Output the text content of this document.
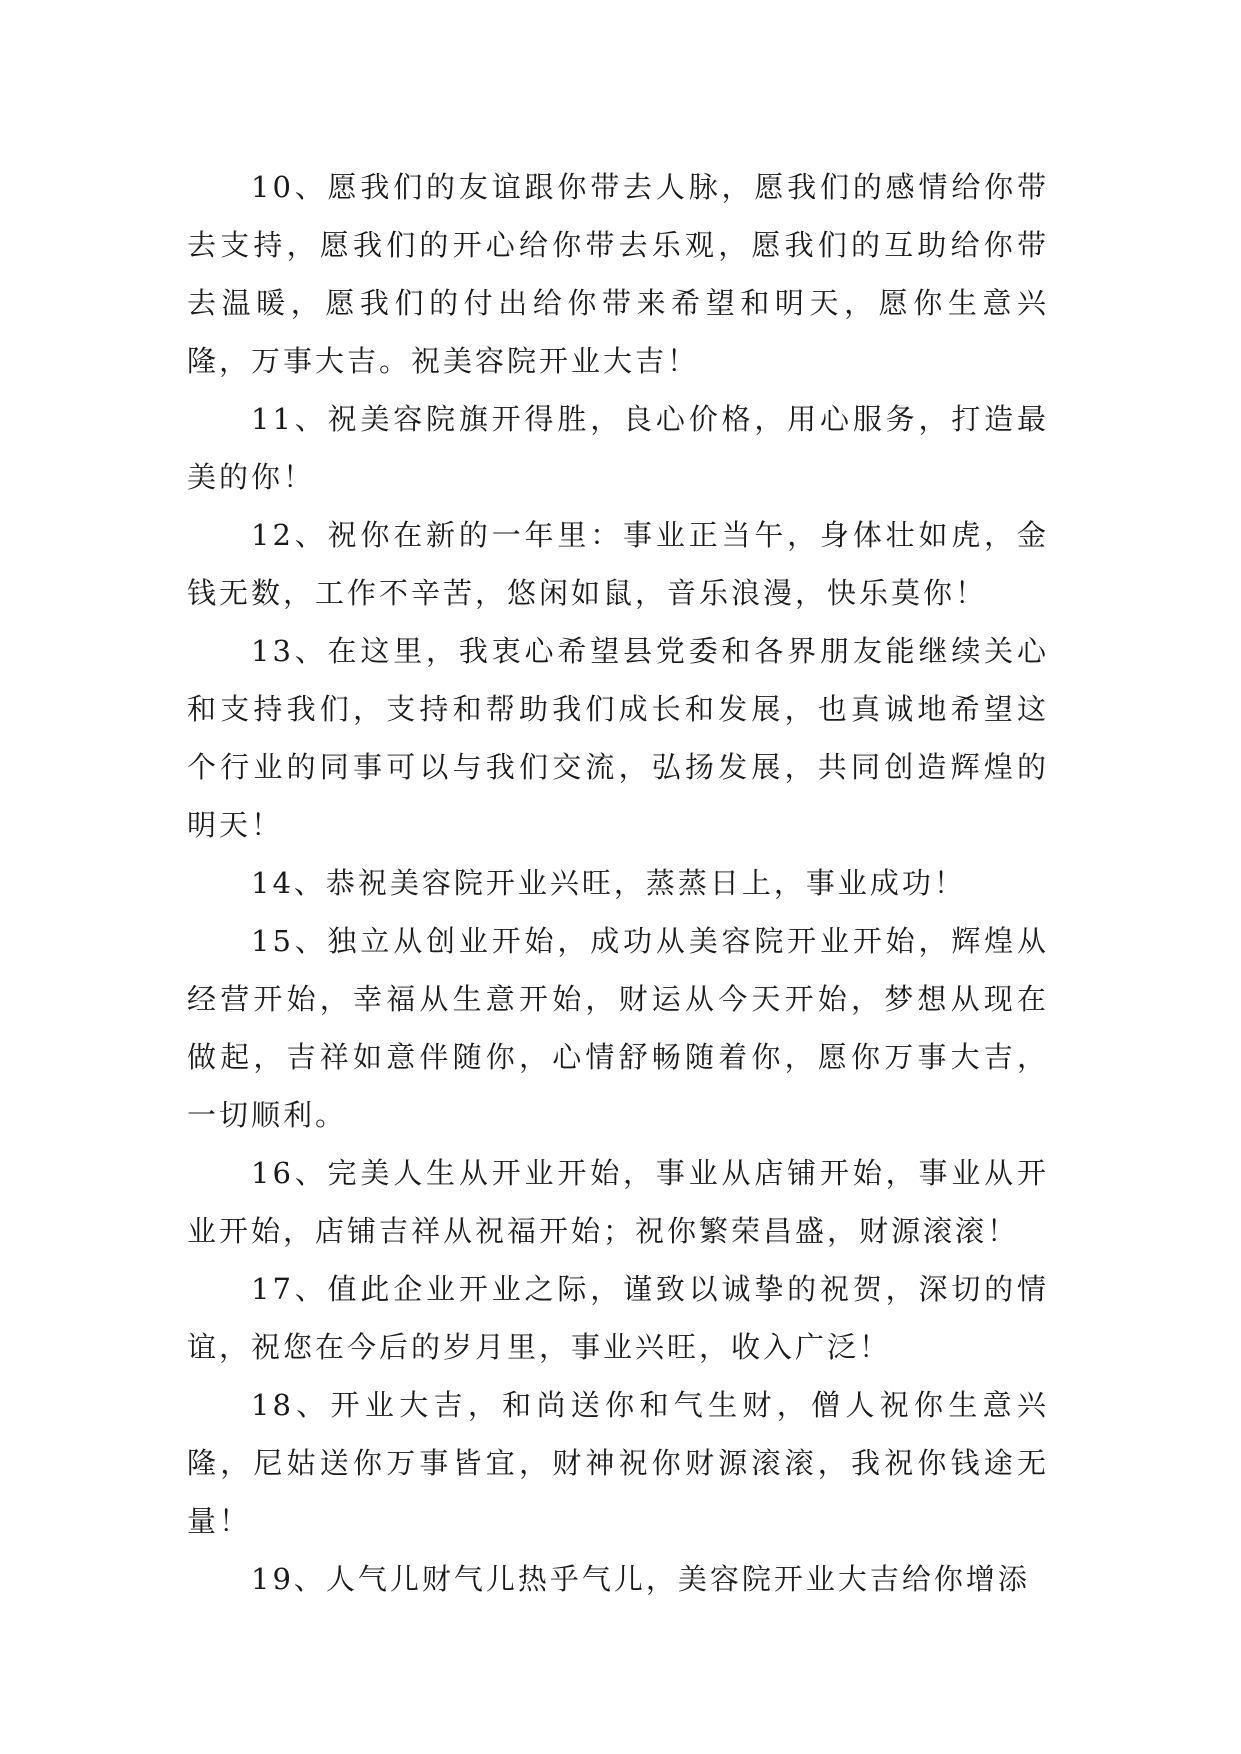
10、愿我们的友谊跟你带去人脉，愿我们的感情给你带去支持，愿我们的开心给你带去乐观，愿我们的互助给你带去温暖，愿我们的付出给你带来希望和明天，愿你生意兴隆，万事大吉。祝美容院开业大吉！

11、祝美容院旗开得胜，良心价格，用心服务，打造最美的你！

12、祝你在新的一年里：事业正当午，身体壮如虎，金钱无数，工作不辛苦，悠闲如鼠，音乐浪漫，快乐莫你！

13、在这里，我衷心希望县党委和各界朋友能继续关心和支持我们，支持和帮助我们成长和发展，也真诚地希望这个行业的同事可以与我们交流，弘扬发展，共同创造辉煌的明天！

14、恭祝美容院开业兴旺，蒸蒸日上，事业成功！

15、独立从创业开始，成功从美容院开业开始，辉煌从经营开始，幸福从生意开始，财运从今天开始，梦想从现在做起，吉祥如意伴随你，心情舒畅随着你，愿你万事大吉，一切顺利。

16、完美人生从开业开始，事业从店铺开始，事业从开业开始，店铺吉祥从祝福开始；祝你繁荣昌盛，财源滚滚！

17、值此企业开业之际，谨致以诚挚的祝贺，深切的情谊，祝您在今后的岁月里，事业兴旺，收入广泛！

18、开业大吉，和尚送你和气生财，僧人祝你生意兴隆，尼姑送你万事皆宜，财神祝你财源滚滚，我祝你钱途无量！

19、人气儿财气儿热乎气儿，美容院开业大吉给你增添
